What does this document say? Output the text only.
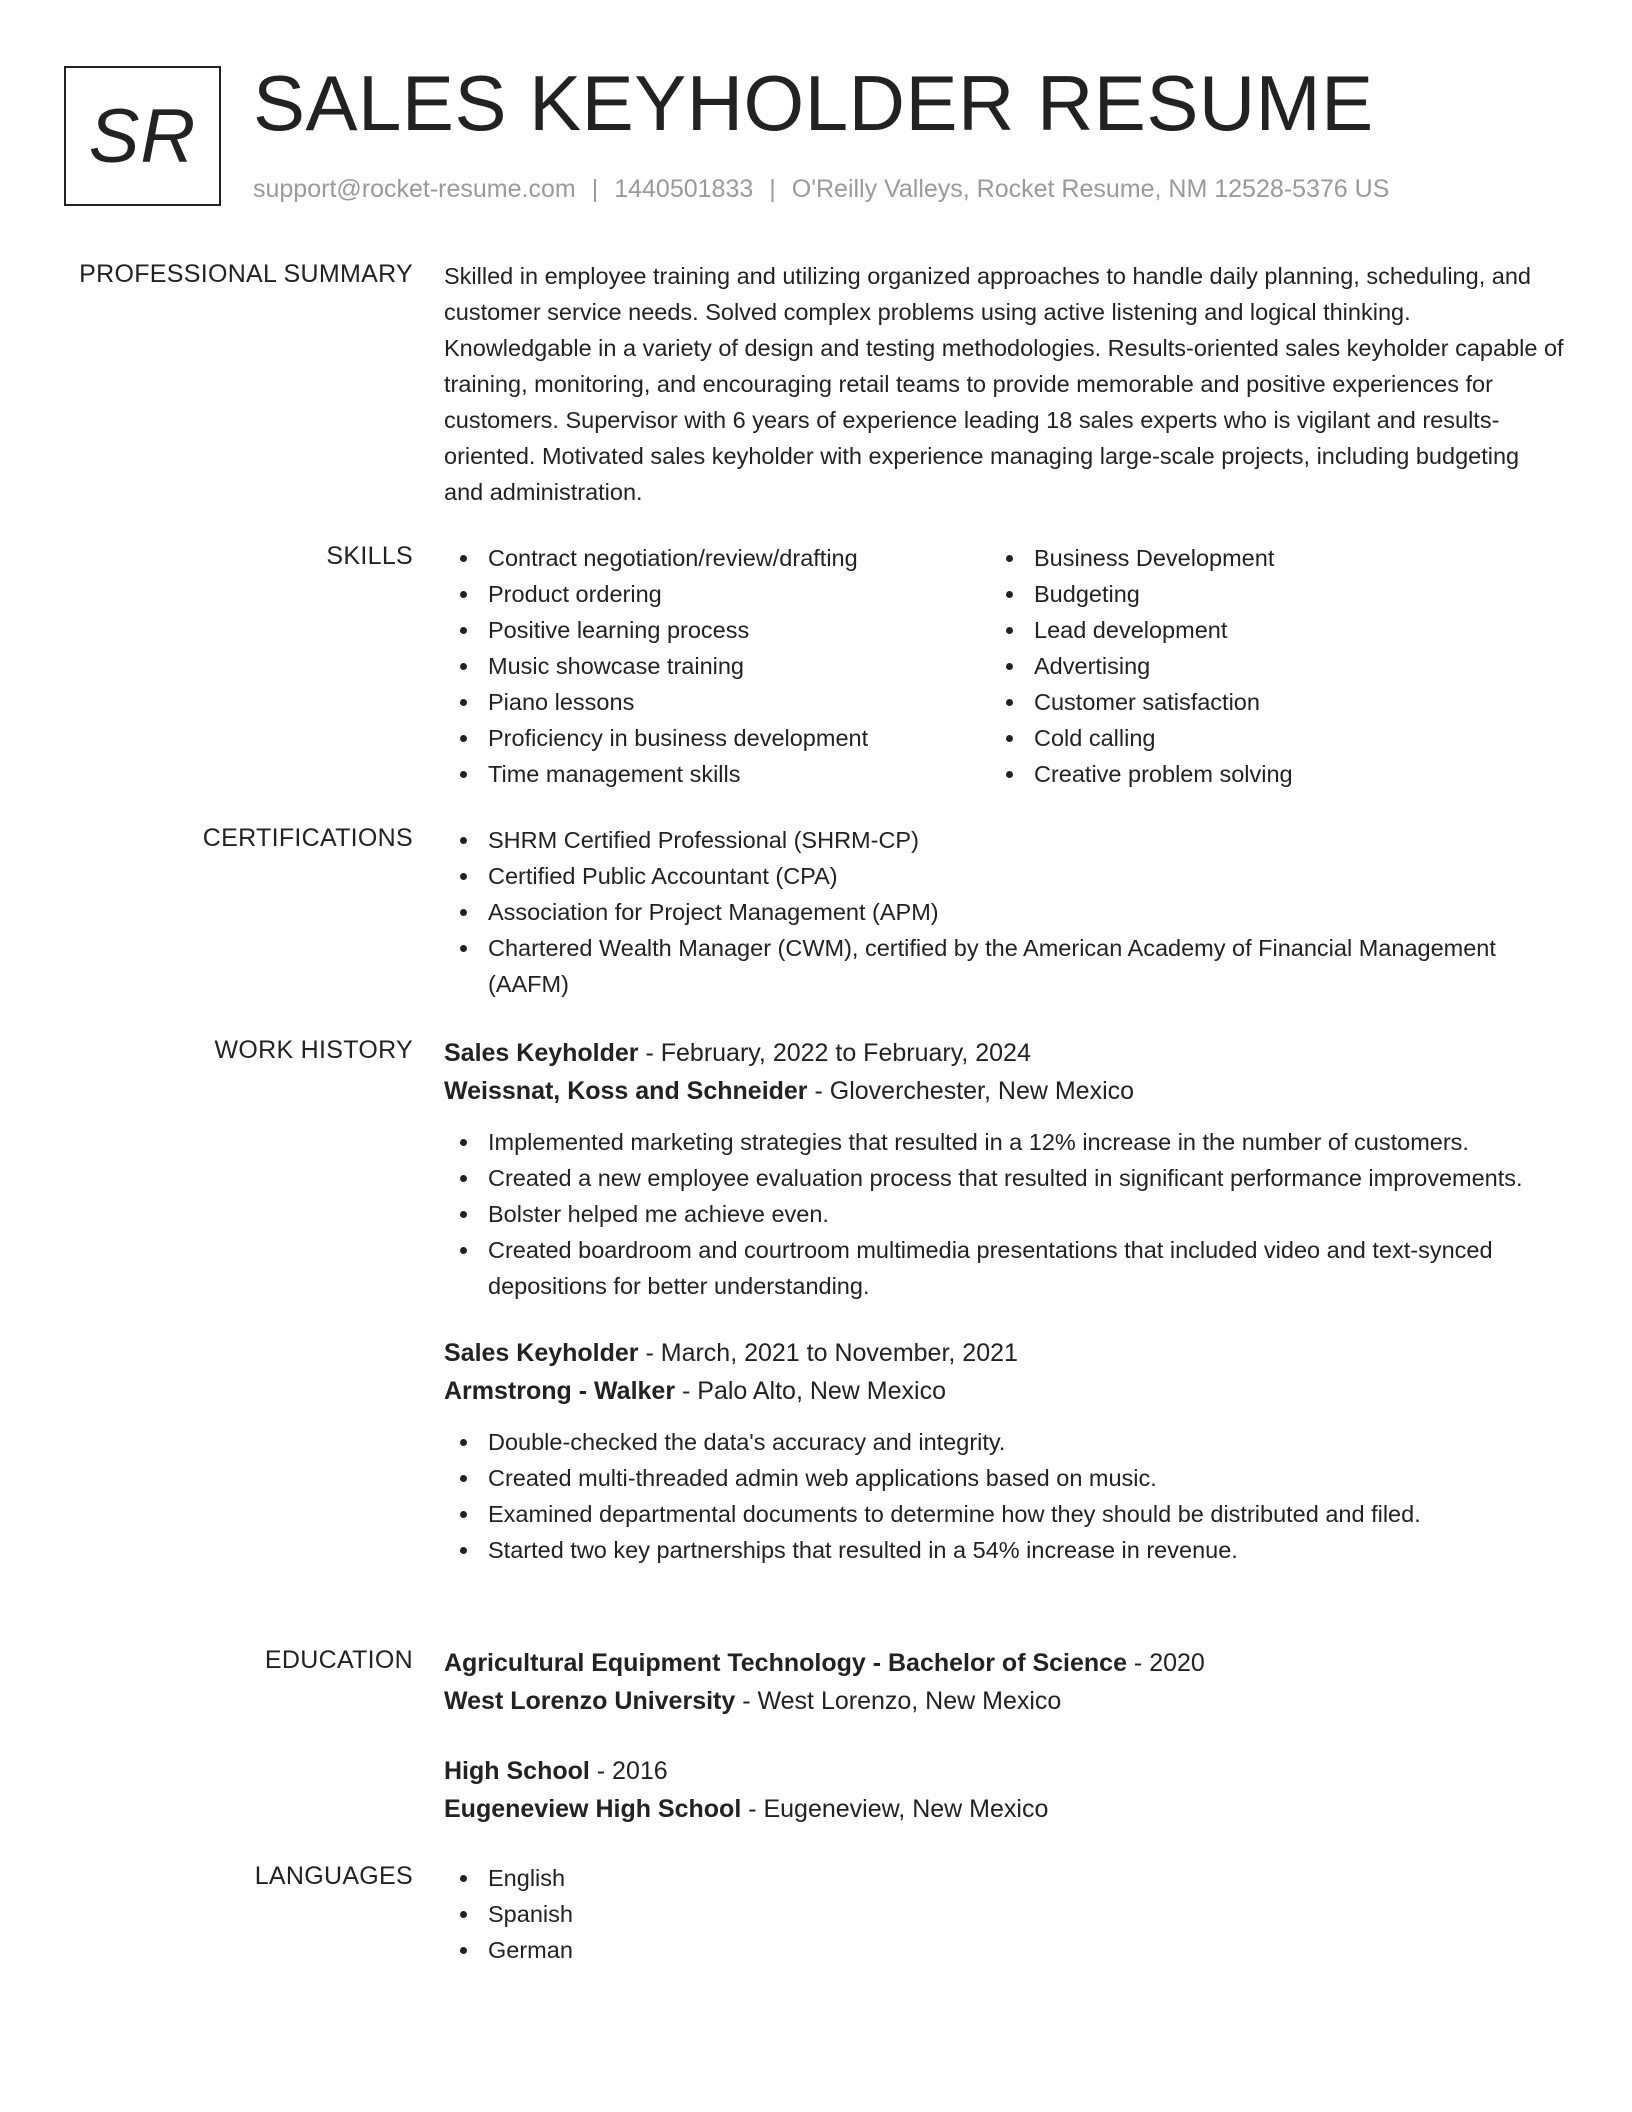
SR SALES KEYHOLDER RESUME
support@rocket-resume.com | 1440501833 | O'Reilly Valleys, Rocket Resume, NM 12528-5376 US
PROFESSIONAL SUMMARY Skilled in employee training and utilizing organized approaches to handle daily planning, scheduling, and customer service needs. Solved complex problems using active listening and logical thinking. Knowledgable in a variety of design and testing methodologies. Results-oriented sales keyholder capable of training, monitoring, and encouraging retail teams to provide memorable and positive experiences for customers. Supervisor with 6 years of experience leading 18 sales experts who is vigilant and results-oriented. Motivated sales keyholder with experience managing large-scale projects, including budgeting and administration.
SKILLS	Contract negotiation/review/drafting
Product ordering
Positive learning process
Music showcase training
Piano lessons
Proficiency in business development
Time management skills
Business Development
Budgeting
Lead development
Advertising
Customer satisfaction
Cold calling
Creative problem solving
CERTIFICATIONS	SHRM Certified Professional (SHRM-CP)
Certified Public Accountant (CPA)
Association for Project Management (APM)
Chartered Wealth Manager (CWM), certified by the American Academy of Financial Management (AAFM)
WORK HISTORY Sales Keyholder - February, 2022 to February, 2024
Weissnat, Koss and Schneider - Gloverchester, New Mexico
Implemented marketing strategies that resulted in a 12% increase in the number of customers.
Created a new employee evaluation process that resulted in significant performance improvements.
Bolster helped me achieve even.
Created boardroom and courtroom multimedia presentations that included video and text-synced depositions for better understanding.
Sales Keyholder - March, 2021 to November, 2021
Armstrong - Walker - Palo Alto, New Mexico
Double-checked the data's accuracy and integrity.
Created multi-threaded admin web applications based on music.
Examined departmental documents to determine how they should be distributed and filed.
Started two key partnerships that resulted in a 54% increase in revenue.
EDUCATION Agricultural Equipment Technology - Bachelor of Science - 2020
West Lorenzo University - West Lorenzo, New Mexico
High School - 2016
Eugeneview High School - Eugeneview, New Mexico
LANGUAGES	English
Spanish
German
